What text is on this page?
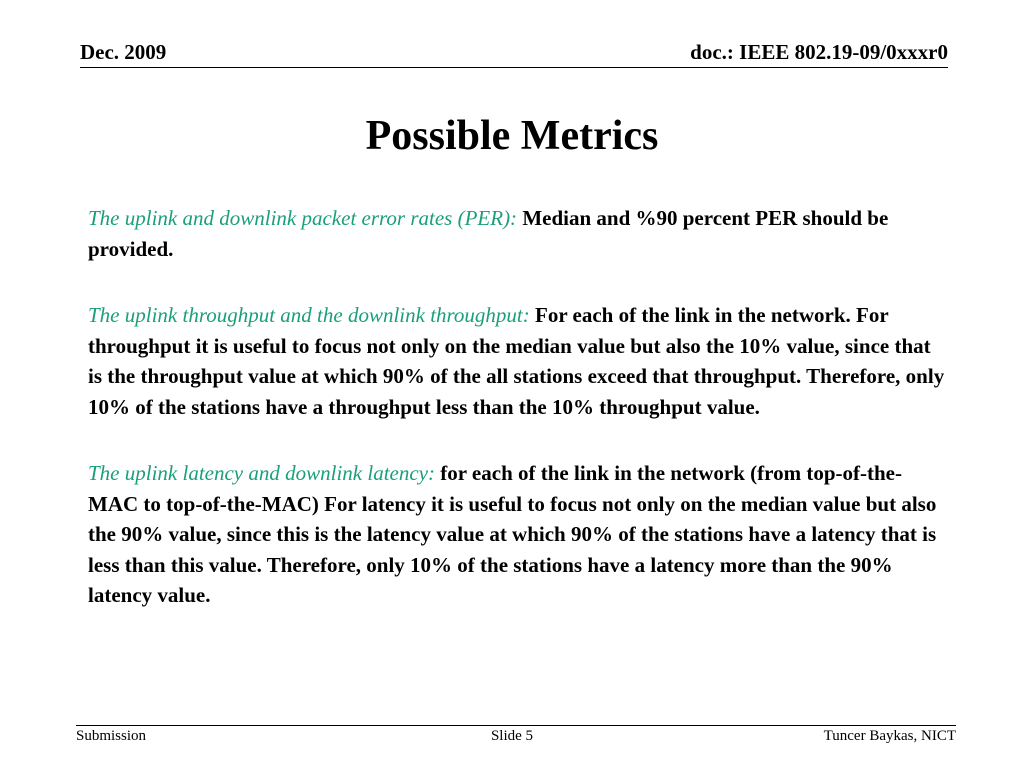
Dec. 2009	doc.: IEEE 802.19-09/0xxxr0
Possible Metrics

The uplink and downlink packet error rates (PER): Median and %90 percent PER should be provided.

The uplink throughput and the downlink throughput: For each of the link in the network. For throughput it is useful to focus not only on the median value but also the 10% value, since that is the throughput value at which 90% of the all stations exceed that throughput. Therefore, only 10% of the stations have a throughput less than the 10% throughput value.

The uplink latency and downlink latency: for each of the link in the network (from top-of-the-MAC to top-of-the-MAC) For latency it is useful to focus not only on the median value but also the 90% value, since this is the latency value at which 90% of the stations have a latency that is less than this value. Therefore, only 10% of the stations have a latency more than the 90% latency value.

Submission	Slide 5	Tuncer Baykas, NICT
